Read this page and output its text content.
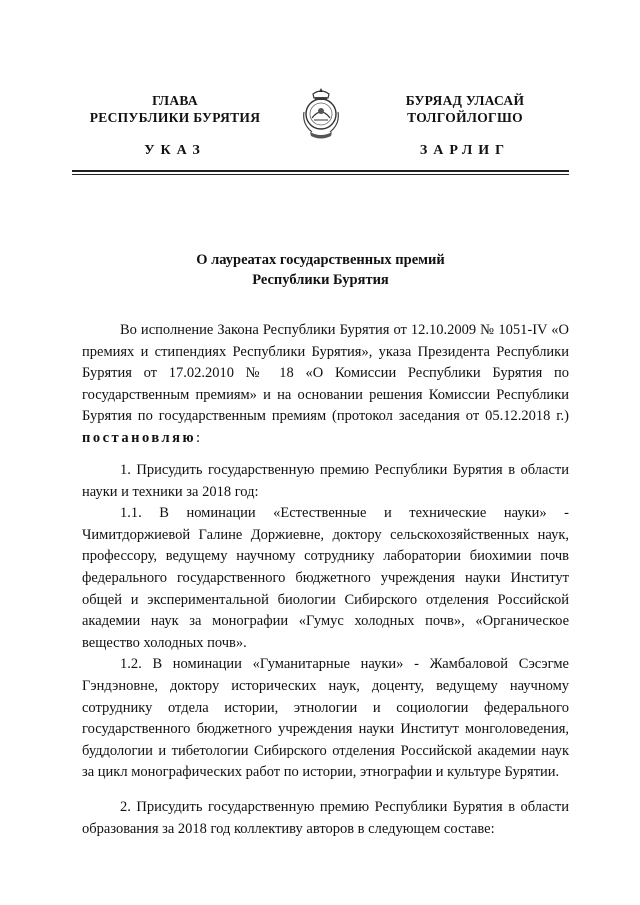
ГЛАВА
РЕСПУБЛИКИ БУРЯТИЯ
БУРЯАД УЛАСАЙ
ТОЛГОЙЛОГШО
УКАЗ	ЗАРЛИГ
О лауреатах государственных премий
Республики Бурятия

Во исполнение Закона Республики Бурятия от 12.10.2009 № 1051-IV «О премиях и стипендиях Республики Бурятия», указа Президента Республики Бурятия от 17.02.2010 № 18 «О Комиссии Республики Бурятия по государственным премиям» и на основании решения Комиссии Республики Бурятия по государственным премиям (протокол заседания от 05.12.2018 г.) постановляю:

1. Присудить государственную премию Республики Бурятия в области науки и техники за 2018 год:

1.1. В номинации «Естественные и технические науки» - Чимитдоржиевой Галине Доржиевне, доктору сельскохозяйственных наук, профессору, ведущему научному сотруднику лаборатории биохимии почв федерального государственного бюджетного учреждения науки Институт общей и экспериментальной биологии Сибирского отделения Российской академии наук за монографии «Гумус холодных почв», «Органическое вещество холодных почв».

1.2. В номинации «Гуманитарные науки» - Жамбаловой Сэсэгме Гэндэновне, доктору исторических наук, доценту, ведущему научному сотруднику отдела истории, этнологии и социологии федерального государственного бюджетного учреждения науки Институт монголоведения, буддологии и тибетологии Сибирского отделения Российской академии наук за цикл монографических работ по истории, этнографии и культуре Бурятии.

2. Присудить государственную премию Республики Бурятия в области образования за 2018 год коллективу авторов в следующем составе:
